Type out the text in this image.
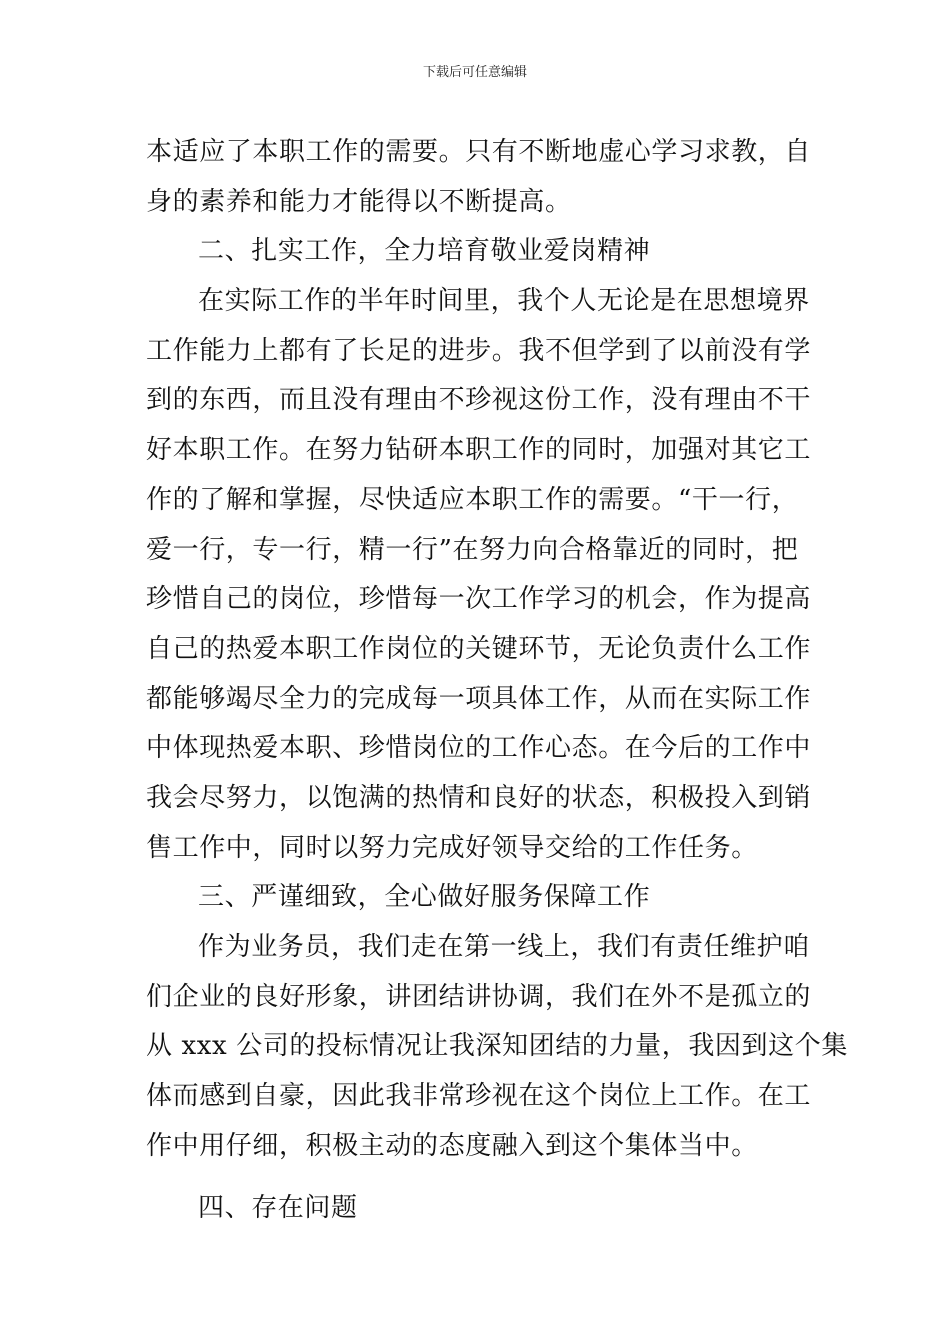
下载后可任意编辑
本适应了本职工作的需要。只有不断地虚心学习求教，自
身的素养和能力才能得以不断提高。
二、扎实工作，全力培育敬业爱岗精神
在实际工作的半年时间里，我个人无论是在思想境界
工作能力上都有了长足的进步。我不但学到了以前没有学
到的东西，而且没有理由不珍视这份工作，没有理由不干
好本职工作。在努力钻研本职工作的同时，加强对其它工
作的了解和掌握，尽快适应本职工作的需要。“干一行，
爱一行，专一行，精一行”在努力向合格靠近的同时，把
珍惜自己的岗位，珍惜每一次工作学习的机会，作为提高
自己的热爱本职工作岗位的关键环节，无论负责什么工作
都能够竭尽全力的完成每一项具体工作，从而在实际工作
中体现热爱本职、珍惜岗位的工作心态。在今后的工作中
我会尽努力，以饱满的热情和良好的状态，积极投入到销
售工作中，同时以努力完成好领导交给的工作任务。
三、严谨细致，全心做好服务保障工作
作为业务员，我们走在第一线上，我们有责任维护咱
们企业的良好形象，讲团结讲协调，我们在外不是孤立的
从 xxx 公司的投标情况让我深知团结的力量，我因到这个集
体而感到自豪，因此我非常珍视在这个岗位上工作。在工
作中用仔细，积极主动的态度融入到这个集体当中。
四、存在问题
